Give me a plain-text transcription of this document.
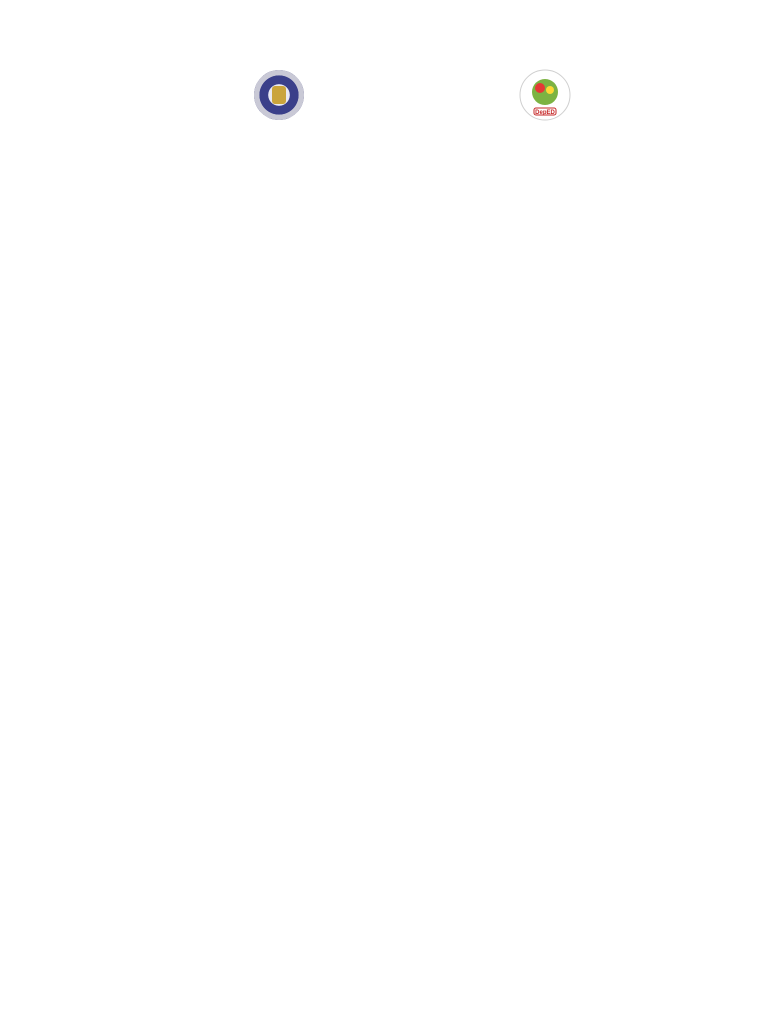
DepED
